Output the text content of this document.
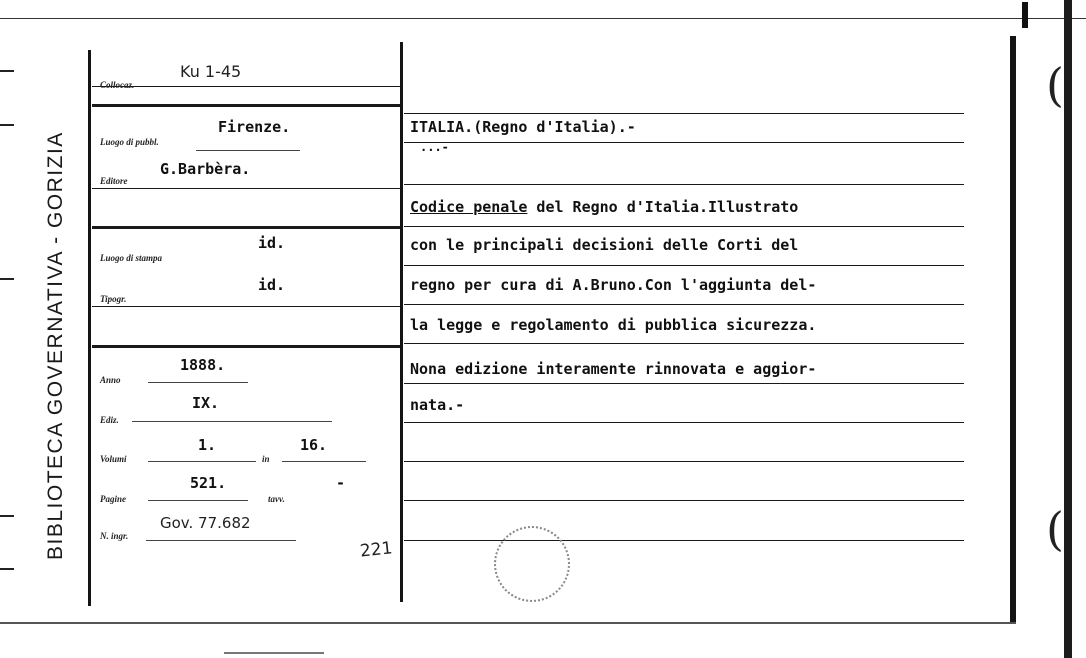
BIBLIOTECA GOVERNATIVA - GORIZIA
(
(
Collocaz.
Ku 1-45
Luogo di pubbl.
Firenze.
Editore
G.Barbèra.
Luogo di stampa
id.
Tipogr.
id.
Anno
1888.
Ediz.
IX.
Volumi
1.
in
16.
Pagine
521.
tavv.
-
N. ingr.
Gov. 77.682
221
ITALIA.(Regno d'Italia).-
...-
Codice penale del Regno d'Italia.Illustrato
con le principali decisioni delle Corti del
regno per cura di A.Bruno.Con l'aggiunta del-
la legge e regolamento di pubblica sicurezza.
Nona edizione interamente rinnovata e aggior-
nata.-
